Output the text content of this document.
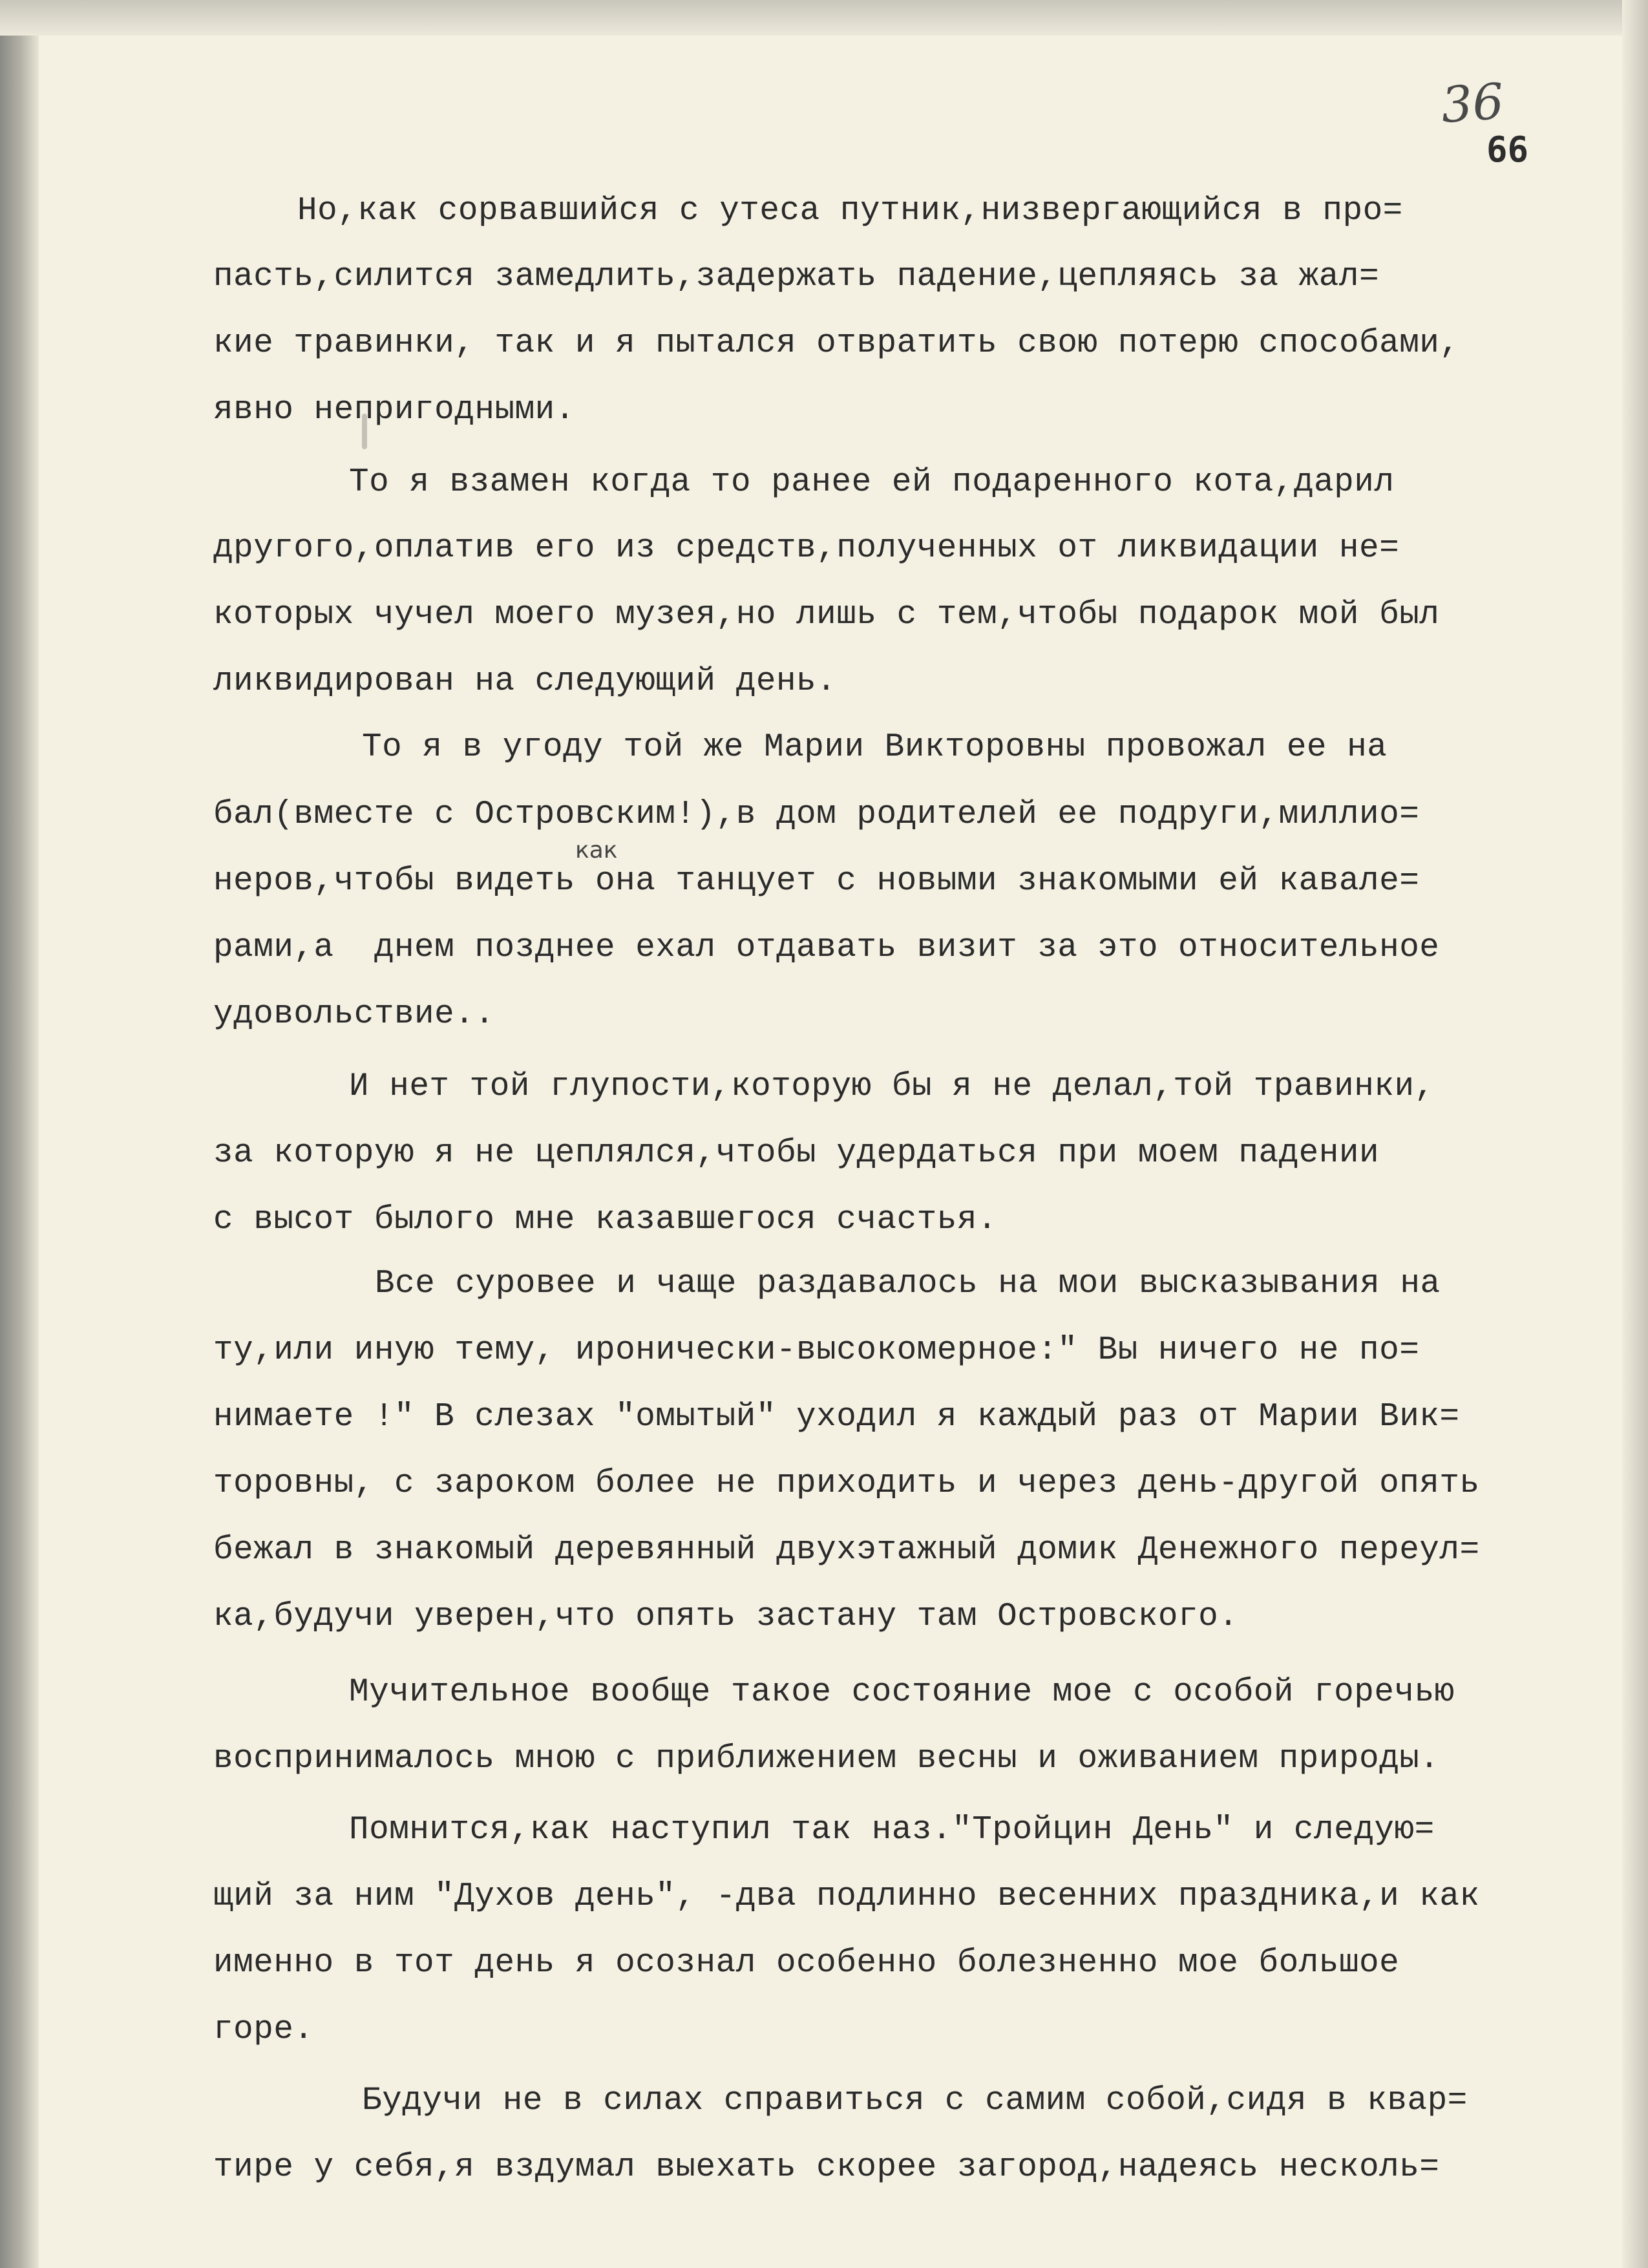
36
66
Но,как сорвавшийся с утеса путник,низвергающийся в про=
пасть,силится замедлить,задержать падение,цепляясь за жал=
кие травинки, так и я пытался отвратить свою потерю способами,
явно непригодными.
То я взамен когда то ранее ей подаренного кота,дарил
другого,оплатив его из средств,полученных от ликвидации не=
которых чучел моего музея,но лишь с тем,чтобы подарок мой был
ликвидирован на следующий день.
То я в угоду той же Марии Викторовны провожал ее на
бал(вместе с Островским!),в дом родителей ее подруги,миллио=
как
неров,чтобы видеть она танцует с новыми знакомыми ей кавале=
рами,а  днем позднее ехал отдавать визит за это относительное
удовольствие..
И нет той глупости,которую бы я не делал,той травинки,
за которую я не цеплялся,чтобы удердаться при моем падении
с высот былого мне казавшегося счастья.
Все суровее и чаще раздавалось на мои высказывания на
ту,или иную тему, иронически-высокомерное:" Вы ничего не по=
нимаете !" В слезах "омытый" уходил я каждый раз от Марии Вик=
торовны, с зароком более не приходить и через день-другой опять
бежал в знакомый деревянный двухэтажный домик Денежного переул=
ка,будучи уверен,что опять застану там Островского.
Мучительное вообще такое состояние мое с особой горечью
воспринималось мною с приближением весны и оживанием природы.
Помнится,как наступил так наз."Тройцин День" и следую=
щий за ним "Духов день", -два подлинно весенних праздника,и как
именно в тот день я осознал особенно болезненно мое большое
горе.
Будучи не в силах справиться с самим собой,сидя в квар=
тире у себя,я вздумал выехать скорее загород,надеясь несколь=
